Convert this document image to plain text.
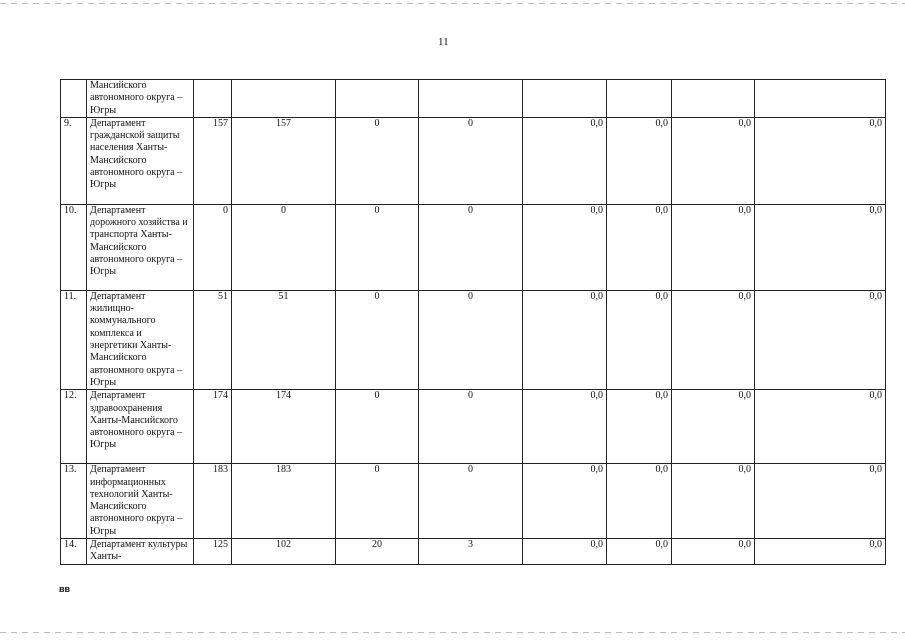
11
	Мансийского автономного округа – Югры								
9.	Департамент гражданской защиты населения Ханты-Мансийского автономного округа – Югры	157	157	0	0	0,0	0,0	0,0	0,0
10.	Департамент дорожного хозяйства и транспорта Ханты-Мансийского автономного округа – Югры	0	0	0	0	0,0	0,0	0,0	0,0
11.	Департамент жилищно-коммунального комплекса и энергетики Ханты-Мансийского автономного округа – Югры	51	51	0	0	0,0	0,0	0,0	0,0
12.	Департамент здравоохранения Ханты-Мансийского автономного округа – Югры	174	174	0	0	0,0	0,0	0,0	0,0
13.	Департамент информационных технологий Ханты-Мансийского автономного округа – Югры	183	183	0	0	0,0	0,0	0,0	0,0
14.	Департамент культуры Ханты-	125	102	20	3	0,0	0,0	0,0	0,0
вв
